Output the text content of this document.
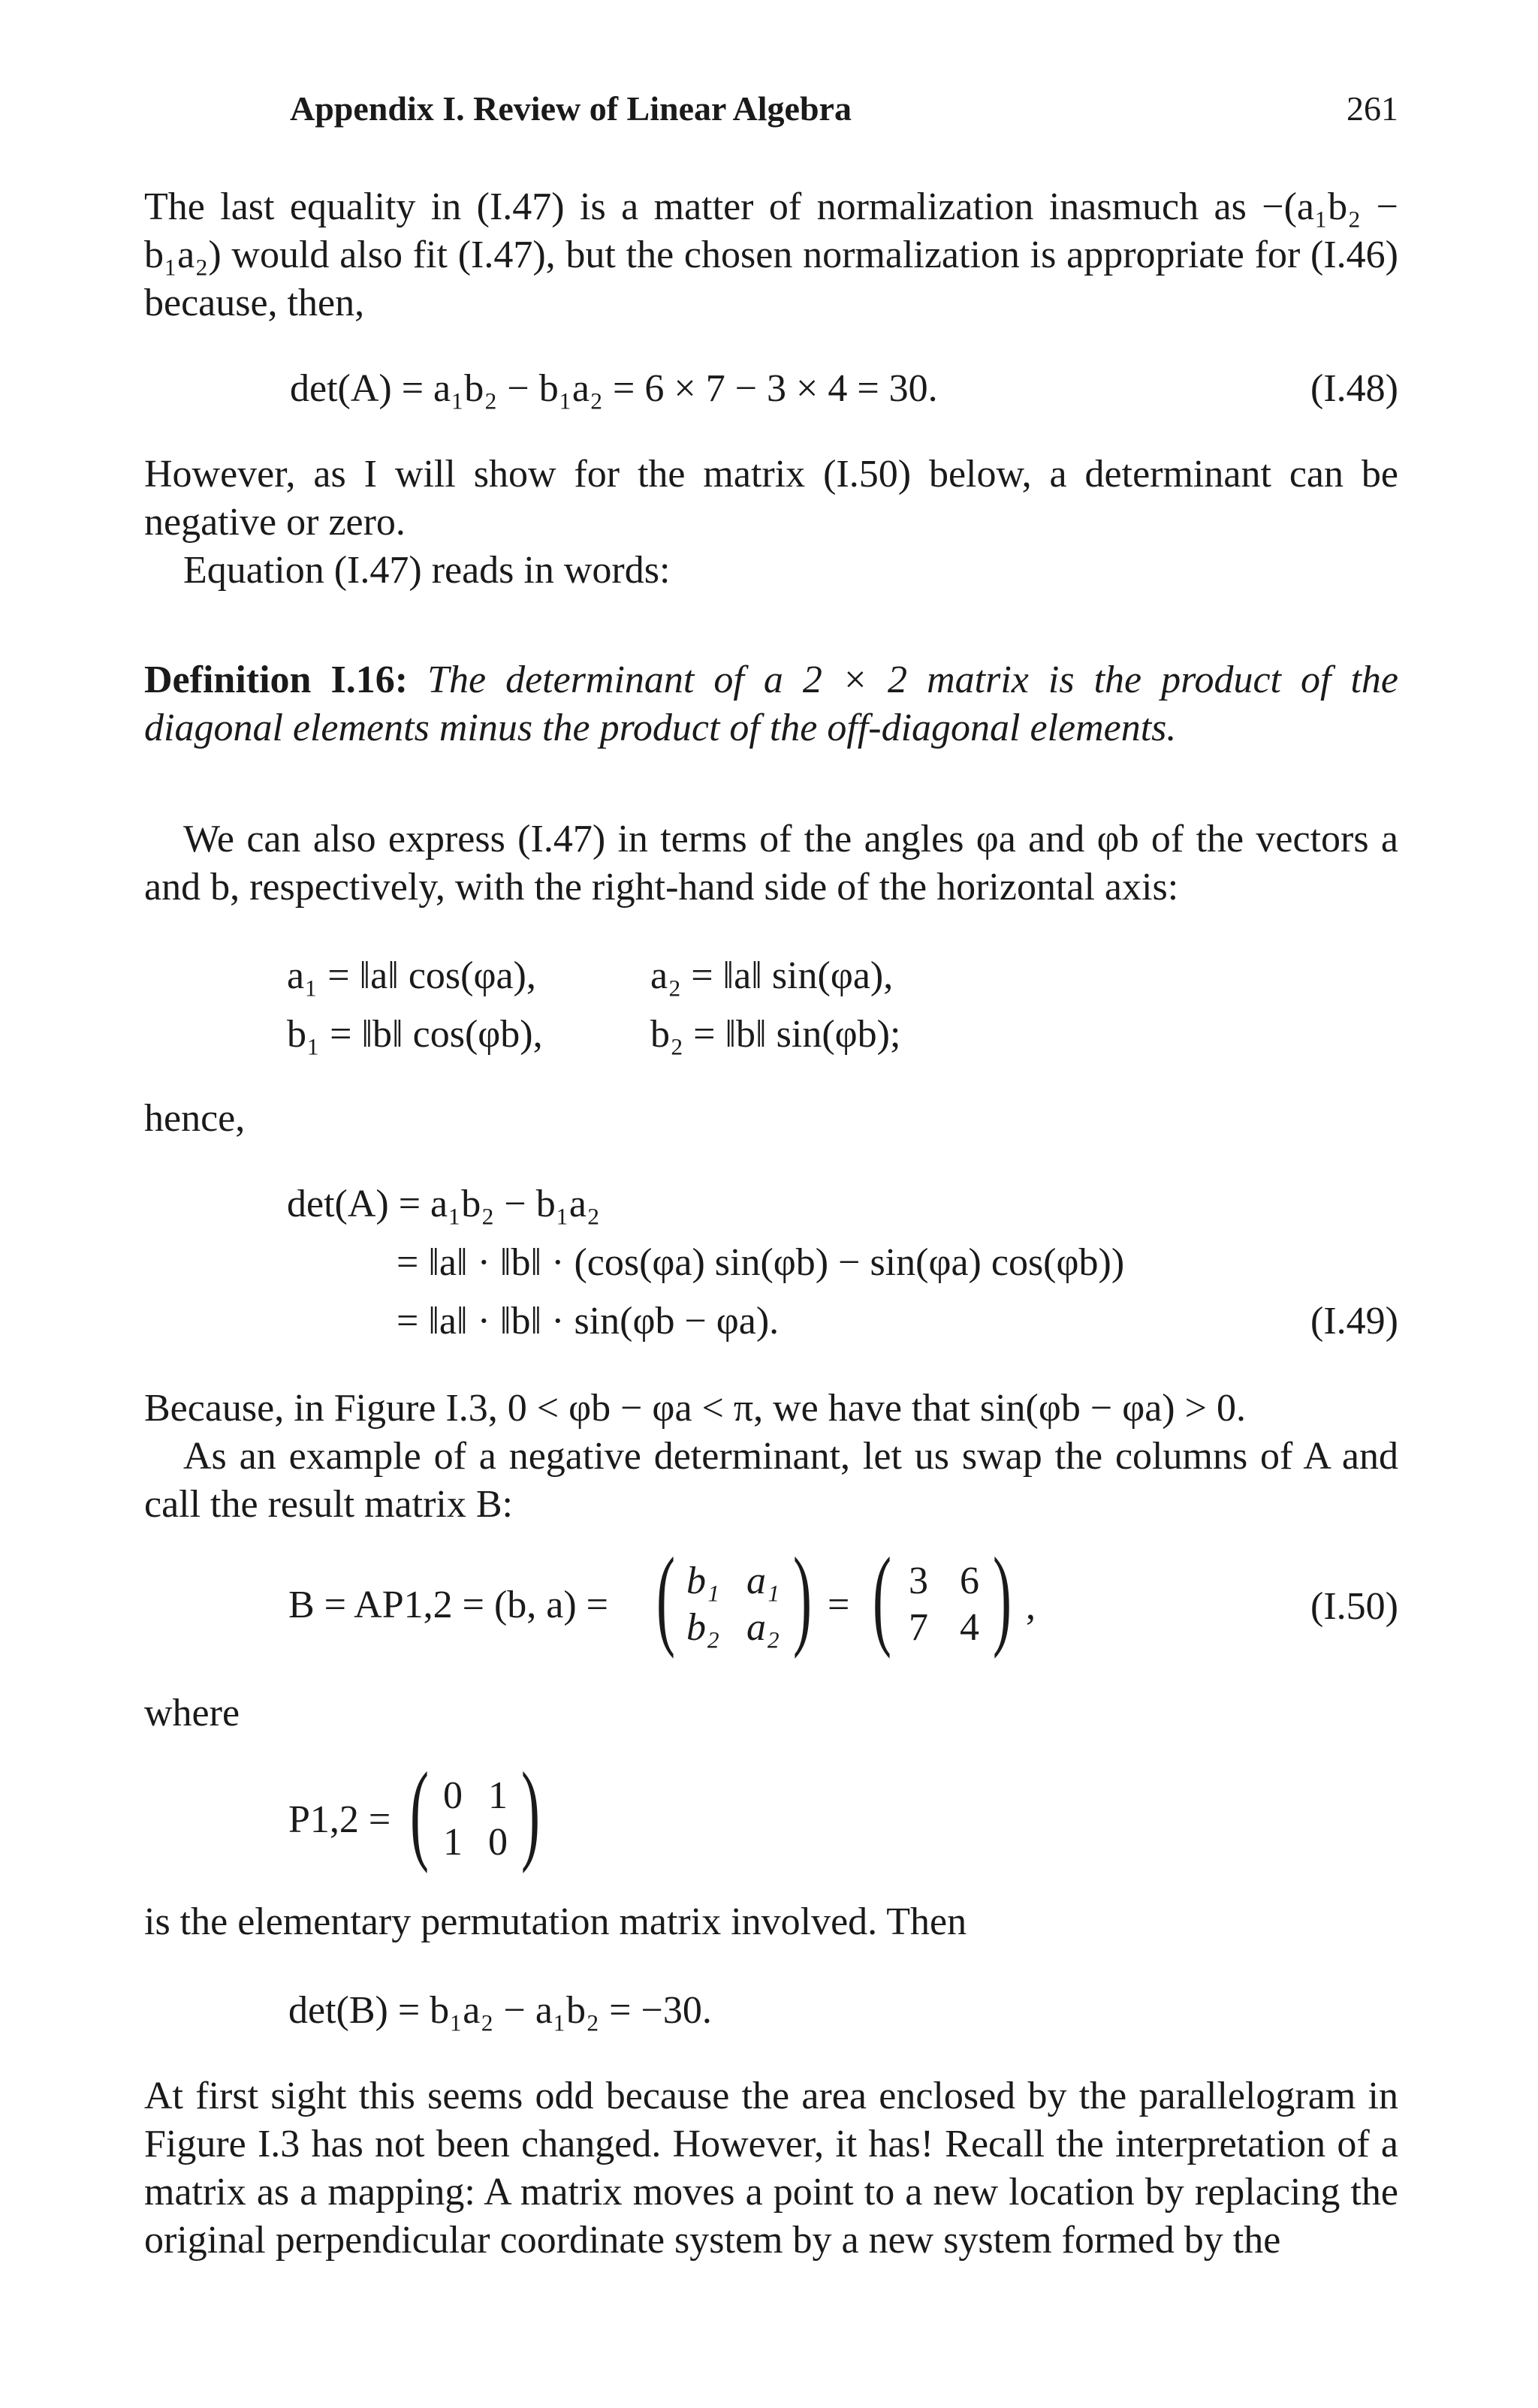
Appendix I. Review of Linear Algebra	261
The last equality in (I.47) is a matter of normalization inasmuch as −(a₁b₂ − b₁a₂) would also fit (I.47), but the chosen normalization is appropriate for (I.46) because, then,
det(A) = a₁b₂ − b₁a₂ = 6 × 7 − 3 × 4 = 30.	(I.48)
However, as I will show for the matrix (I.50) below, a determinant can be negative or zero.
Equation (I.47) reads in words:
Definition I.16: The determinant of a 2 × 2 matrix is the product of the diagonal elements minus the product of the off-diagonal elements.
We can also express (I.47) in terms of the angles φa and φb of the vectors a and b, respectively, with the right-hand side of the horizontal axis:
a₁ = ‖a‖ cos(φa),	a₂ = ‖a‖ sin(φa),
b₁ = ‖b‖ cos(φb),	b₂ = ‖b‖ sin(φb);
hence,
det(A) = a₁b₂ − b₁a₂
= ‖a‖ · ‖b‖ · (cos(φa) sin(φb) − sin(φa) cos(φb))
= ‖a‖ · ‖b‖ · sin(φb − φa).	(I.49)
Because, in Figure I.3, 0 < φb − φa < π, we have that sin(φb − φa) > 0.
As an example of a negative determinant, let us swap the columns of A and call the result matrix B:
B = AP1,2 = (b, a) = ( b₁ a₁
b₂ a₂ ) = ( 3 6
7 4 ) ,	(I.50)
where
P1,2 = ( 0 1
1 0 )
is the elementary permutation matrix involved. Then
det(B) = b₁a₂ − a₁b₂ = −30.
At first sight this seems odd because the area enclosed by the parallelogram in Figure I.3 has not been changed. However, it has! Recall the interpretation of a matrix as a mapping: A matrix moves a point to a new location by replacing the original perpendicular coordinate system by a new system formed by the
